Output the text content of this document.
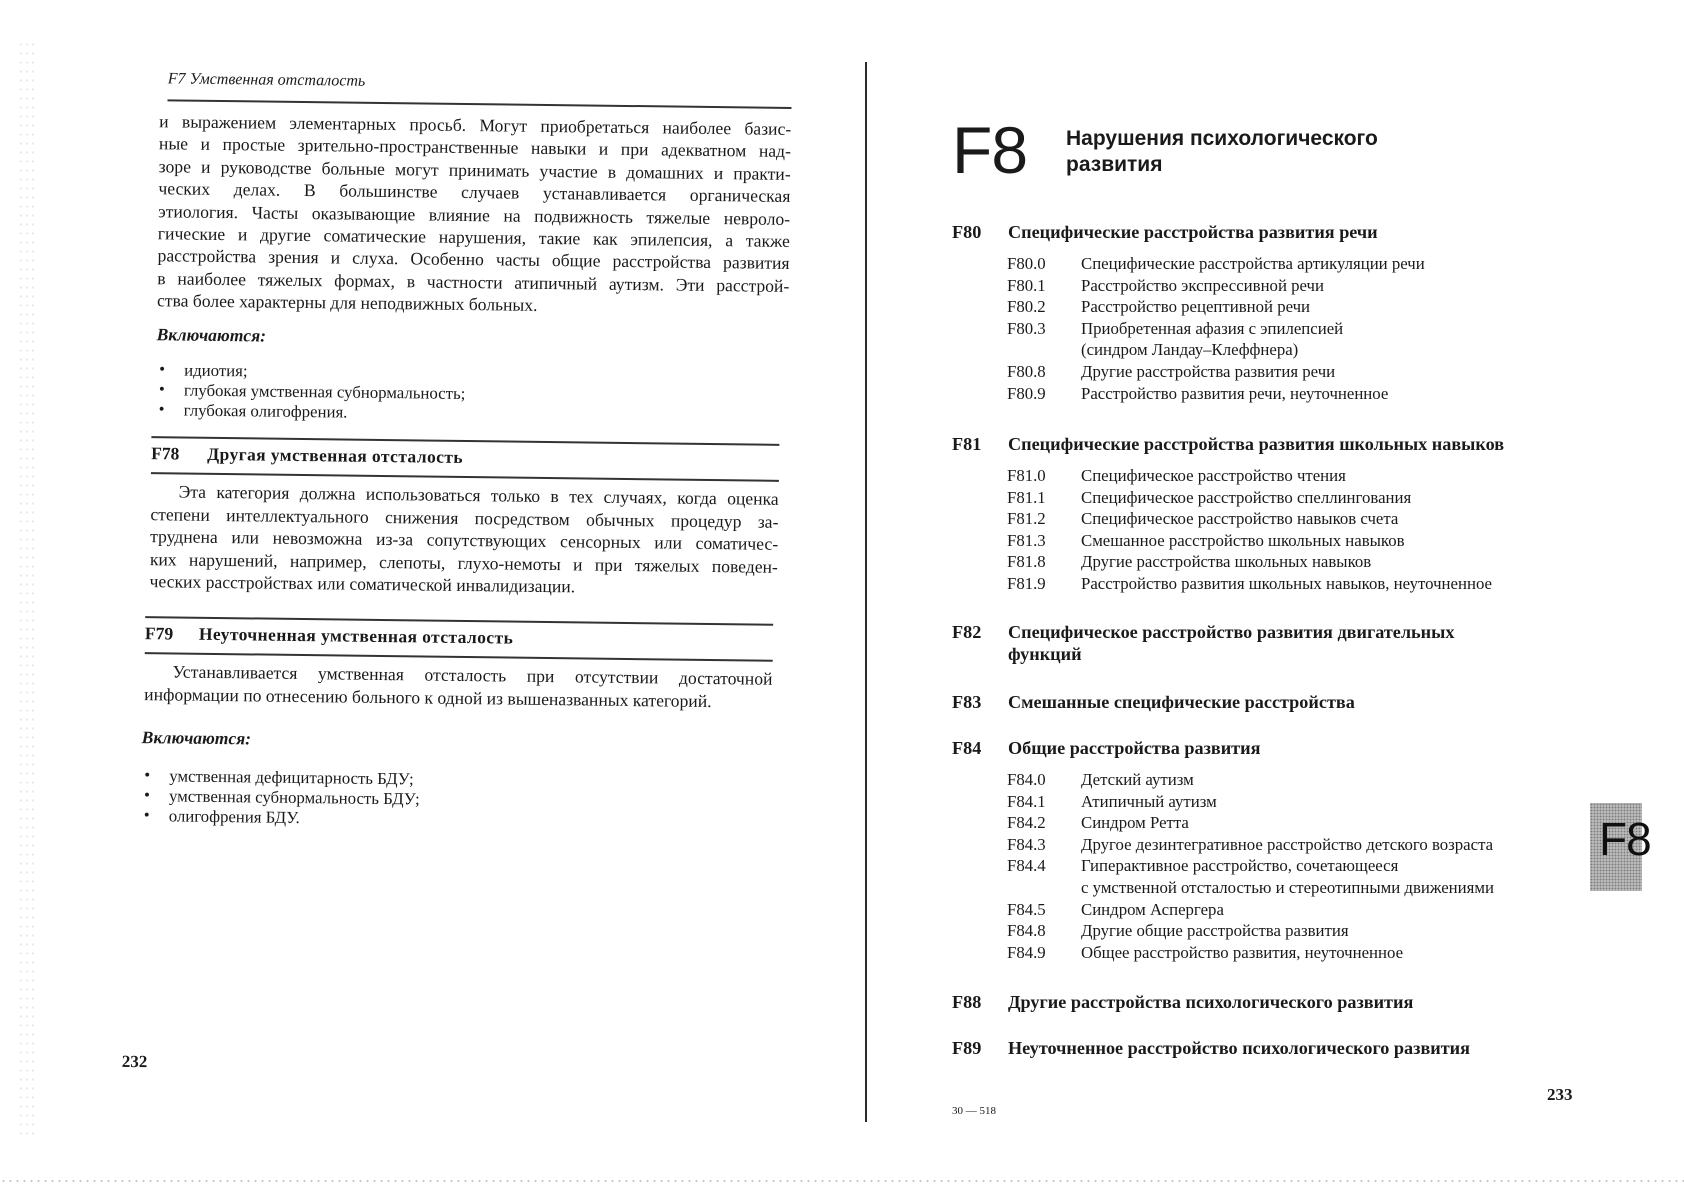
F7 Умственная отсталость
и выражением элементарных просьб. Могут приобретаться наиболее базис-
ные и простые зрительно-пространственные навыки и при адекватном над-
зоре и руководстве больные могут принимать участие в домашних и практи-
ческих делах. В большинстве случаев устанавливается органическая
этиология. Часты оказывающие влияние на подвижность тяжелые невроло-
гические и другие соматические нарушения, такие как эпилепсия, а также
расстройства зрения и слуха. Особенно часты общие расстройства развития
в наиболее тяжелых формах, в частности атипичный аутизм. Эти расстрой-
ства более характерны для неподвижных больных.
Включаются:
• идиотия;
• глубокая умственная субнормальность;
• глубокая олигофрения.
F78 Другая умственная отсталость
Эта категория должна использоваться только в тех случаях, когда оценка
степени интеллектуального снижения посредством обычных процедур за-
труднена или невозможна из-за сопутствующих сенсорных или соматичес-
ких нарушений, например, слепоты, глухо-немоты и при тяжелых поведен-
ческих расстройствах или соматической инвалидизации.
F79 Неуточненная умственная отсталость
Устанавливается умственная отсталость при отсутствии достаточной
информации по отнесению больного к одной из вышеназванных категорий.
Включаются:
• умственная дефицитарность БДУ;
• умственная субнормальность БДУ;
• олигофрения БДУ.
232
F8 Нарушения психологического
развития
F80 Специфические расстройства развития речи
F80.0 Специфические расстройства артикуляции речи
F80.1 Расстройство экспрессивной речи
F80.2 Расстройство рецептивной речи
F80.3 Приобретенная афазия с эпилепсией
(синдром Ландау–Клеффнера)
F80.8 Другие расстройства развития речи
F80.9 Расстройство развития речи, неуточненное
F81 Специфические расстройства развития школьных навыков
F81.0 Специфическое расстройство чтения
F81.1 Специфическое расстройство спеллингования
F81.2 Специфическое расстройство навыков счета
F81.3 Смешанное расстройство школьных навыков
F81.8 Другие расстройства школьных навыков
F81.9 Расстройство развития школьных навыков, неуточненное
F82 Специфическое расстройство развития двигательных
функций
F83 Смешанные специфические расстройства
F84 Общие расстройства развития
F84.0 Детский аутизм
F84.1 Атипичный аутизм
F84.2 Синдром Ретта
F84.3 Другое дезинтегративное расстройство детского возраста
F84.4 Гиперактивное расстройство, сочетающееся
с умственной отсталостью и стереотипными движениями
F84.5 Синдром Аспергера
F84.8 Другие общие расстройства развития
F84.9 Общее расстройство развития, неуточненное
F88 Другие расстройства психологического развития
F89 Неуточненное расстройство психологического развития
30 — 518
233
F8
